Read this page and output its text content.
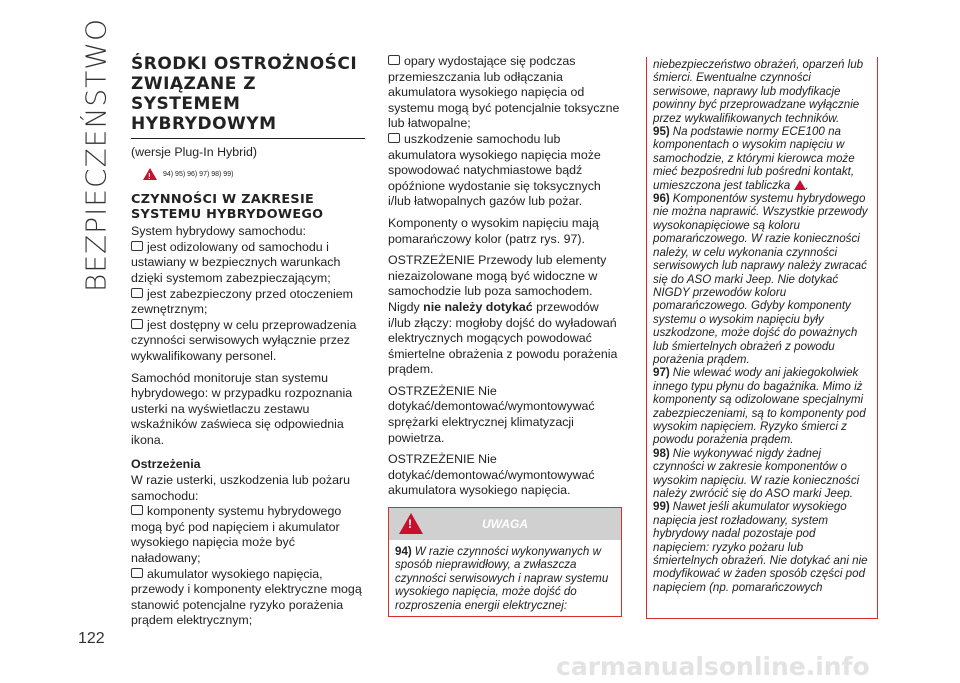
BEZPIECZEŃSTWO ŚRODKI OSTROŻNOŚCI ZWIĄZANE Z SYSTEMEM HYBRYDOWYM

(wersje Plug-In Hybrid)

!
94) 95) 96) 97) 98) 99)
CZYNNOŚCI W ZAKRESIE SYSTEMU HYBRYDOWEGO

System hybrydowy samochodu:

jest odizolowany od samochodu i ustawiany w bezpiecznych warunkach dzięki systemom zabezpieczającym;

jest zabezpieczony przed otoczeniem zewnętrznym;

jest dostępny w celu przeprowadzenia czynności serwisowych wyłącznie przez wykwalifikowany personel.

Samochód monitoruje stan systemu hybrydowego: w przypadku rozpoznania usterki na wyświetlaczu zestawu wskaźników zaświeca się odpowiednia ikona.

Ostrzeżenia

W razie usterki, uszkodzenia lub pożaru samochodu:

komponenty systemu hybrydowego mogą być pod napięciem i akumulator wysokiego napięcia może być naładowany;

akumulator wysokiego napięcia, przewody i komponenty elektryczne mogą stanowić potencjalne ryzyko porażenia prądem elektrycznym;

opary wydostające się podczas przemieszczania lub odłączania akumulatora wysokiego napięcia od systemu mogą być potencjalnie toksyczne lub łatwopalne;

uszkodzenie samochodu lub akumulatora wysokiego napięcia może spowodować natychmiastowe bądź opóźnione wydostanie się toksycznych i/lub łatwopalnych gazów lub pożar.

Komponenty o wysokim napięciu mają pomarańczowy kolor (patrz rys. 97).

OSTRZEŻENIE Przewody lub elementy niezaizolowane mogą być widoczne w samochodzie lub poza samochodem. Nigdy nie należy dotykać przewodów i/lub złączy: mogłoby dojść do wyładowań elektrycznych mogących powodować śmiertelne obrażenia z powodu porażenia prądem.

OSTRZEŻENIE Nie dotykać/demontować/wymontowywać sprężarki elektrycznej klimatyzacji powietrza.

OSTRZEŻENIE Nie dotykać/demontować/wymontowywać akumulatora wysokiego napięcia.

!
UWAGA
94) W razie czynności wykonywanych w sposób nieprawidłowy, a zwłaszcza czynności serwisowych i napraw systemu wysokiego napięcia, może dojść do rozproszenia energii elektrycznej:

niebezpieczeństwo obrażeń, oparzeń lub śmierci. Ewentualne czynności serwisowe, naprawy lub modyfikacje powinny być przeprowadzane wyłącznie przez wykwalifikowanych techników.

95) Na podstawie normy ECE100 na komponentach o wysokim napięciu w samochodzie, z którymi kierowca może mieć bezpośredni lub pośredni kontakt, umieszczona jest tabliczka .

96) Komponentów systemu hybrydowego nie można naprawić. Wszystkie przewody wysokonapięciowe są koloru pomarańczowego. W razie konieczności należy, w celu wykonania czynności serwisowych lub naprawy należy zwracać się do ASO marki Jeep. Nie dotykać NIGDY przewodów koloru pomarańczowego. Gdyby komponenty systemu o wysokim napięciu były uszkodzone, może dojść do poważnych lub śmiertelnych obrażeń z powodu porażenia prądem.

97) Nie wlewać wody ani jakiegokolwiek innego typu płynu do bagażnika. Mimo iż komponenty są odizolowane specjalnymi zabezpieczeniami, są to komponenty pod wysokim napięciem. Ryzyko śmierci z powodu porażenia prądem.

98) Nie wykonywać nigdy żadnej czynności w zakresie komponentów o wysokim napięciu. W razie konieczności należy zwrócić się do ASO marki Jeep.

99) Nawet jeśli akumulator wysokiego napięcia jest rozładowany, system hybrydowy nadal pozostaje pod napięciem: ryzyko pożaru lub śmiertelnych obrażeń. Nie dotykać ani nie modyfikować w żaden sposób części pod napięciem (np. pomarańczowych

122
carmanualsonline.info
